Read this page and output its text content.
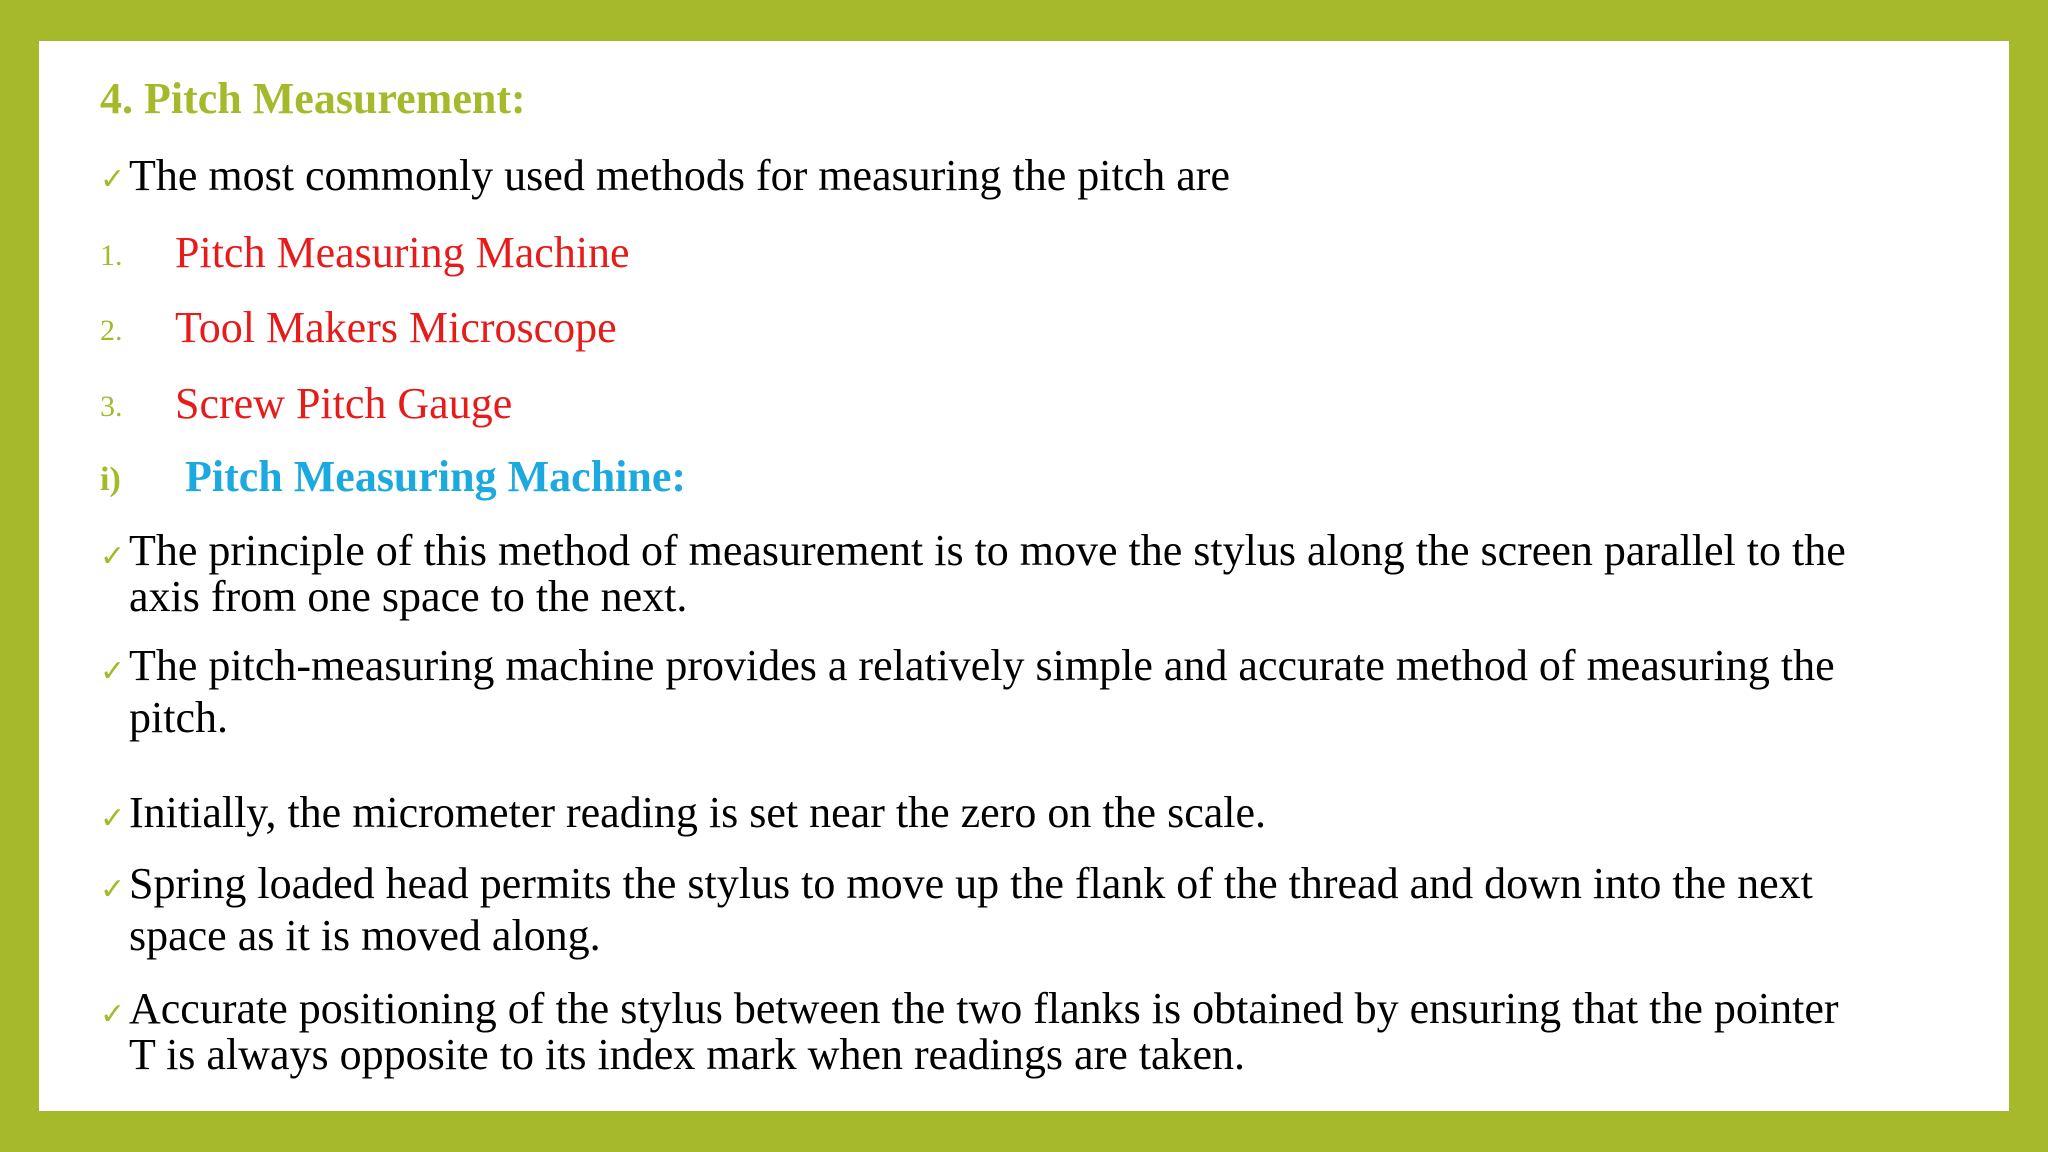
4. Pitch Measurement:
✓ The most commonly used methods for measuring the pitch are
1. Pitch Measuring Machine
2. Tool Makers Microscope
3. Screw Pitch Gauge
i) Pitch Measuring Machine:
✓ The principle of this method of measurement is to move the stylus along the screen parallel to the
axis from one space to the next.
✓ The pitch-measuring machine provides a relatively simple and accurate method of measuring the
pitch.
✓ Initially, the micrometer reading is set near the zero on the scale.
✓ Spring loaded head permits the stylus to move up the flank of the thread and down into the next
space as it is moved along.
✓ Accurate positioning of the stylus between the two flanks is obtained by ensuring that the pointer
T is always opposite to its index mark when readings are taken.
